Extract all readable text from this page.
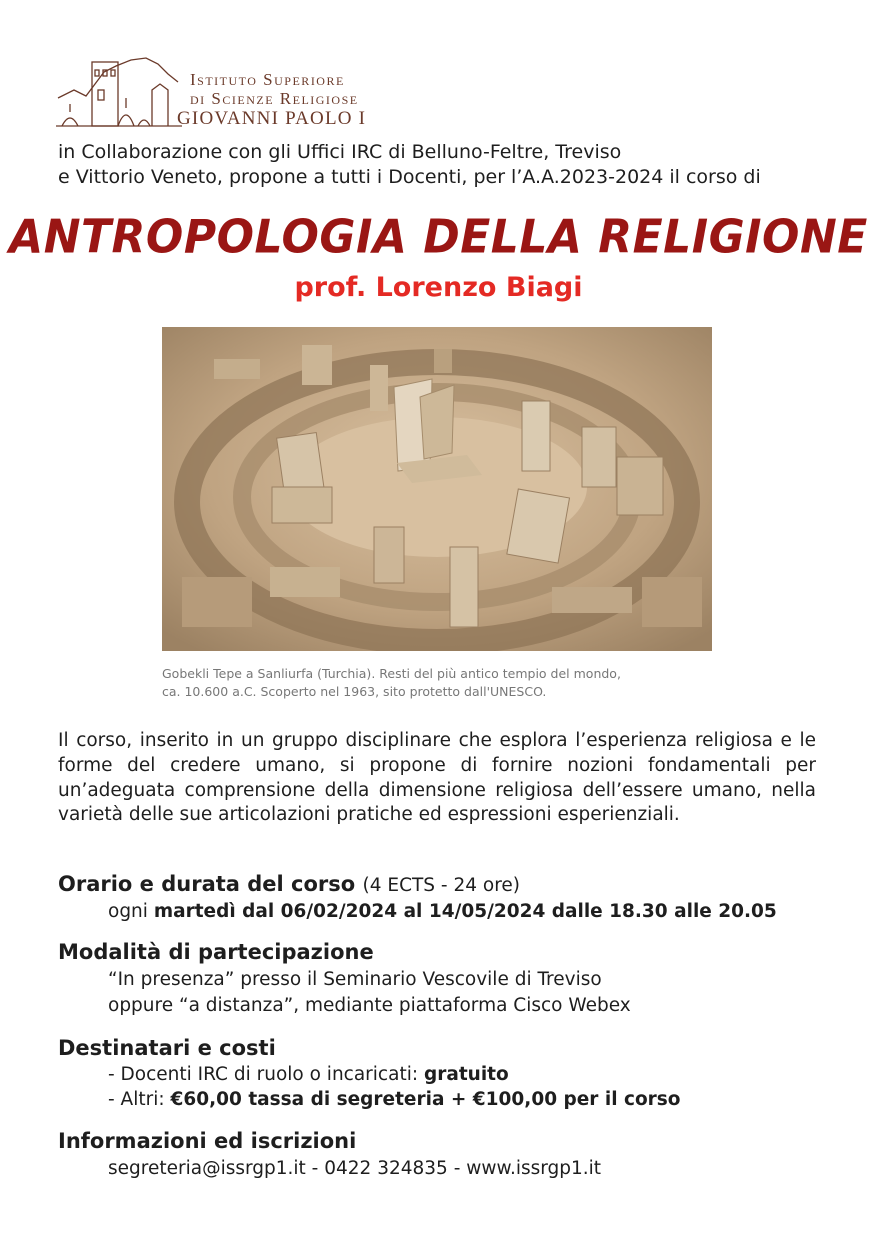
Istituto Superiore
di Scienze Religiose
GIOVANNI PAOLO I
in Collaborazione con gli Uffici IRC di Belluno-Feltre, Treviso
e Vittorio Veneto, propone a tutti i Docenti, per l’A.A.2023-2024 il corso di
ANTROPOLOGIA DELLA RELIGIONE
prof. Lorenzo Biagi
Gobekli Tepe a Sanliurfa (Turchia). Resti del più antico tempio del mondo,
ca. 10.600 a.C. Scoperto nel 1963, sito protetto dall'UNESCO.
Il corso, inserito in un gruppo disciplinare che esplora l’esperienza religiosa e le forme del credere umano, si propone di fornire nozioni fondamentali per un’adeguata comprensione della dimensione religiosa dell’essere umano, nella varietà delle sue articolazioni pratiche ed espressioni esperienziali.
Orario e durata del corso (4 ECTS - 24 ore)
ogni martedì dal 06/02/2024 al 14/05/2024 dalle 18.30 alle 20.05
Modalità di partecipazione
“In presenza” presso il Seminario Vescovile di Treviso
oppure “a distanza”, mediante piattaforma Cisco Webex
Destinatari e costi
- Docenti IRC di ruolo o incaricati: gratuito
- Altri: €60,00 tassa di segreteria + €100,00 per il corso
Informazioni ed iscrizioni
segreteria@issrgp1.it - 0422 324835 - www.issrgp1.it
